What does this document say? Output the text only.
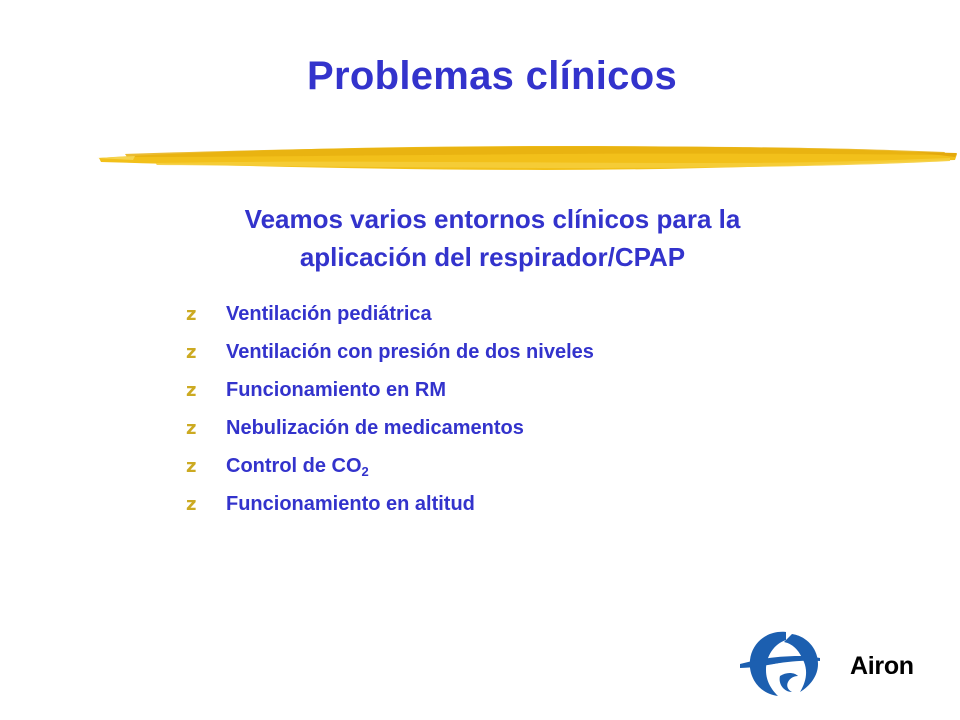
Problemas clínicos
Veamos varios entornos clínicos para la
aplicación del respirador/CPAP
z	Ventilación pediátrica
z	Ventilación con presión de dos niveles
z	Funcionamiento en RM
z	Nebulización de medicamentos
z	Control de $CO_2$
z	Funcionamiento en altitud
Airon
